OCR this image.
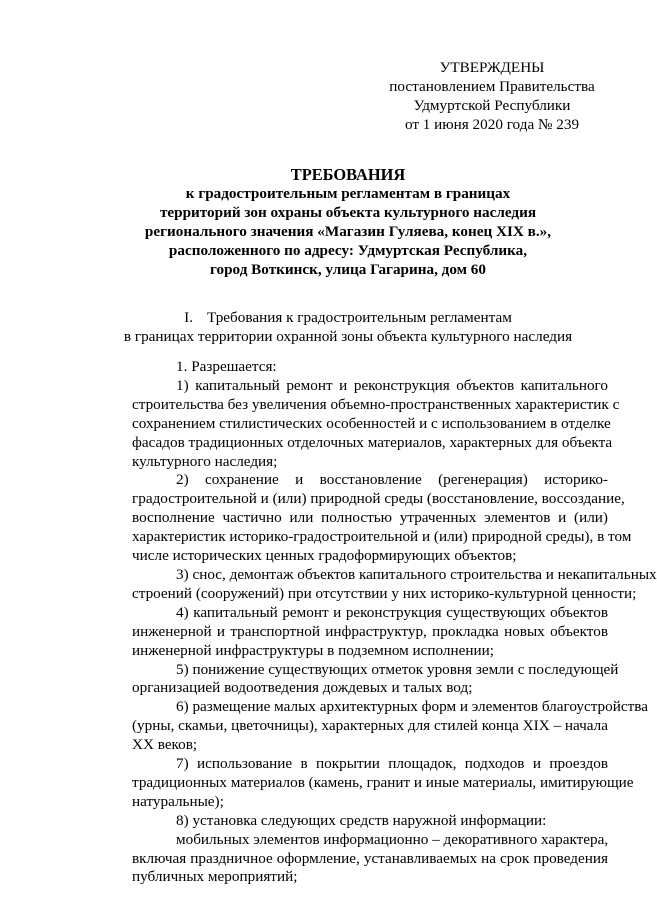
УТВЕРЖДЕНЫ
постановлением Правительства
Удмуртской Республики
от 1 июня 2020 года № 239
ТРЕБОВАНИЯ
к градостроительным регламентам в границах
территорий зон охраны объекта культурного наследия
регионального значения «Магазин Гуляева, конец XIX в.»,
расположенного по адресу: Удмуртская Республика,
город Воткинск, улица Гагарина, дом 60
I. Требования к градостроительным регламентам
в границах территории охранной зоны объекта культурного наследия
1. Разрешается:
1) капитальный ремонт и реконструкция объектов капитального
строительства без увеличения объемно-пространственных характеристик с
сохранением стилистических особенностей и с использованием в отделке
фасадов традиционных отделочных материалов, характерных для объекта
культурного наследия;
2) сохранение и восстановление (регенерация) историко-
градостроительной и (или) природной среды (восстановление, воссоздание,
восполнение частично или полностью утраченных элементов и (или)
характеристик историко-градостроительной и (или) природной среды), в том
числе исторических ценных градоформирующих объектов;
3) снос, демонтаж объектов капитального строительства и некапитальных
строений (сооружений) при отсутствии у них историко-культурной ценности;
4) капитальный ремонт и реконструкция существующих объектов
инженерной и транспортной инфраструктур, прокладка новых объектов
инженерной инфраструктуры в подземном исполнении;
5) понижение существующих отметок уровня земли с последующей
организацией водоотведения дождевых и талых вод;
6) размещение малых архитектурных форм и элементов благоустройства
(урны, скамьи, цветочницы), характерных для стилей конца XIX – начала
XX веков;
7) использование в покрытии площадок, подходов и проездов
традиционных материалов (камень, гранит и иные материалы, имитирующие
натуральные);
8) установка следующих средств наружной информации:
мобильных элементов информационно – декоративного характера,
включая праздничное оформление, устанавливаемых на срок проведения
публичных мероприятий;
